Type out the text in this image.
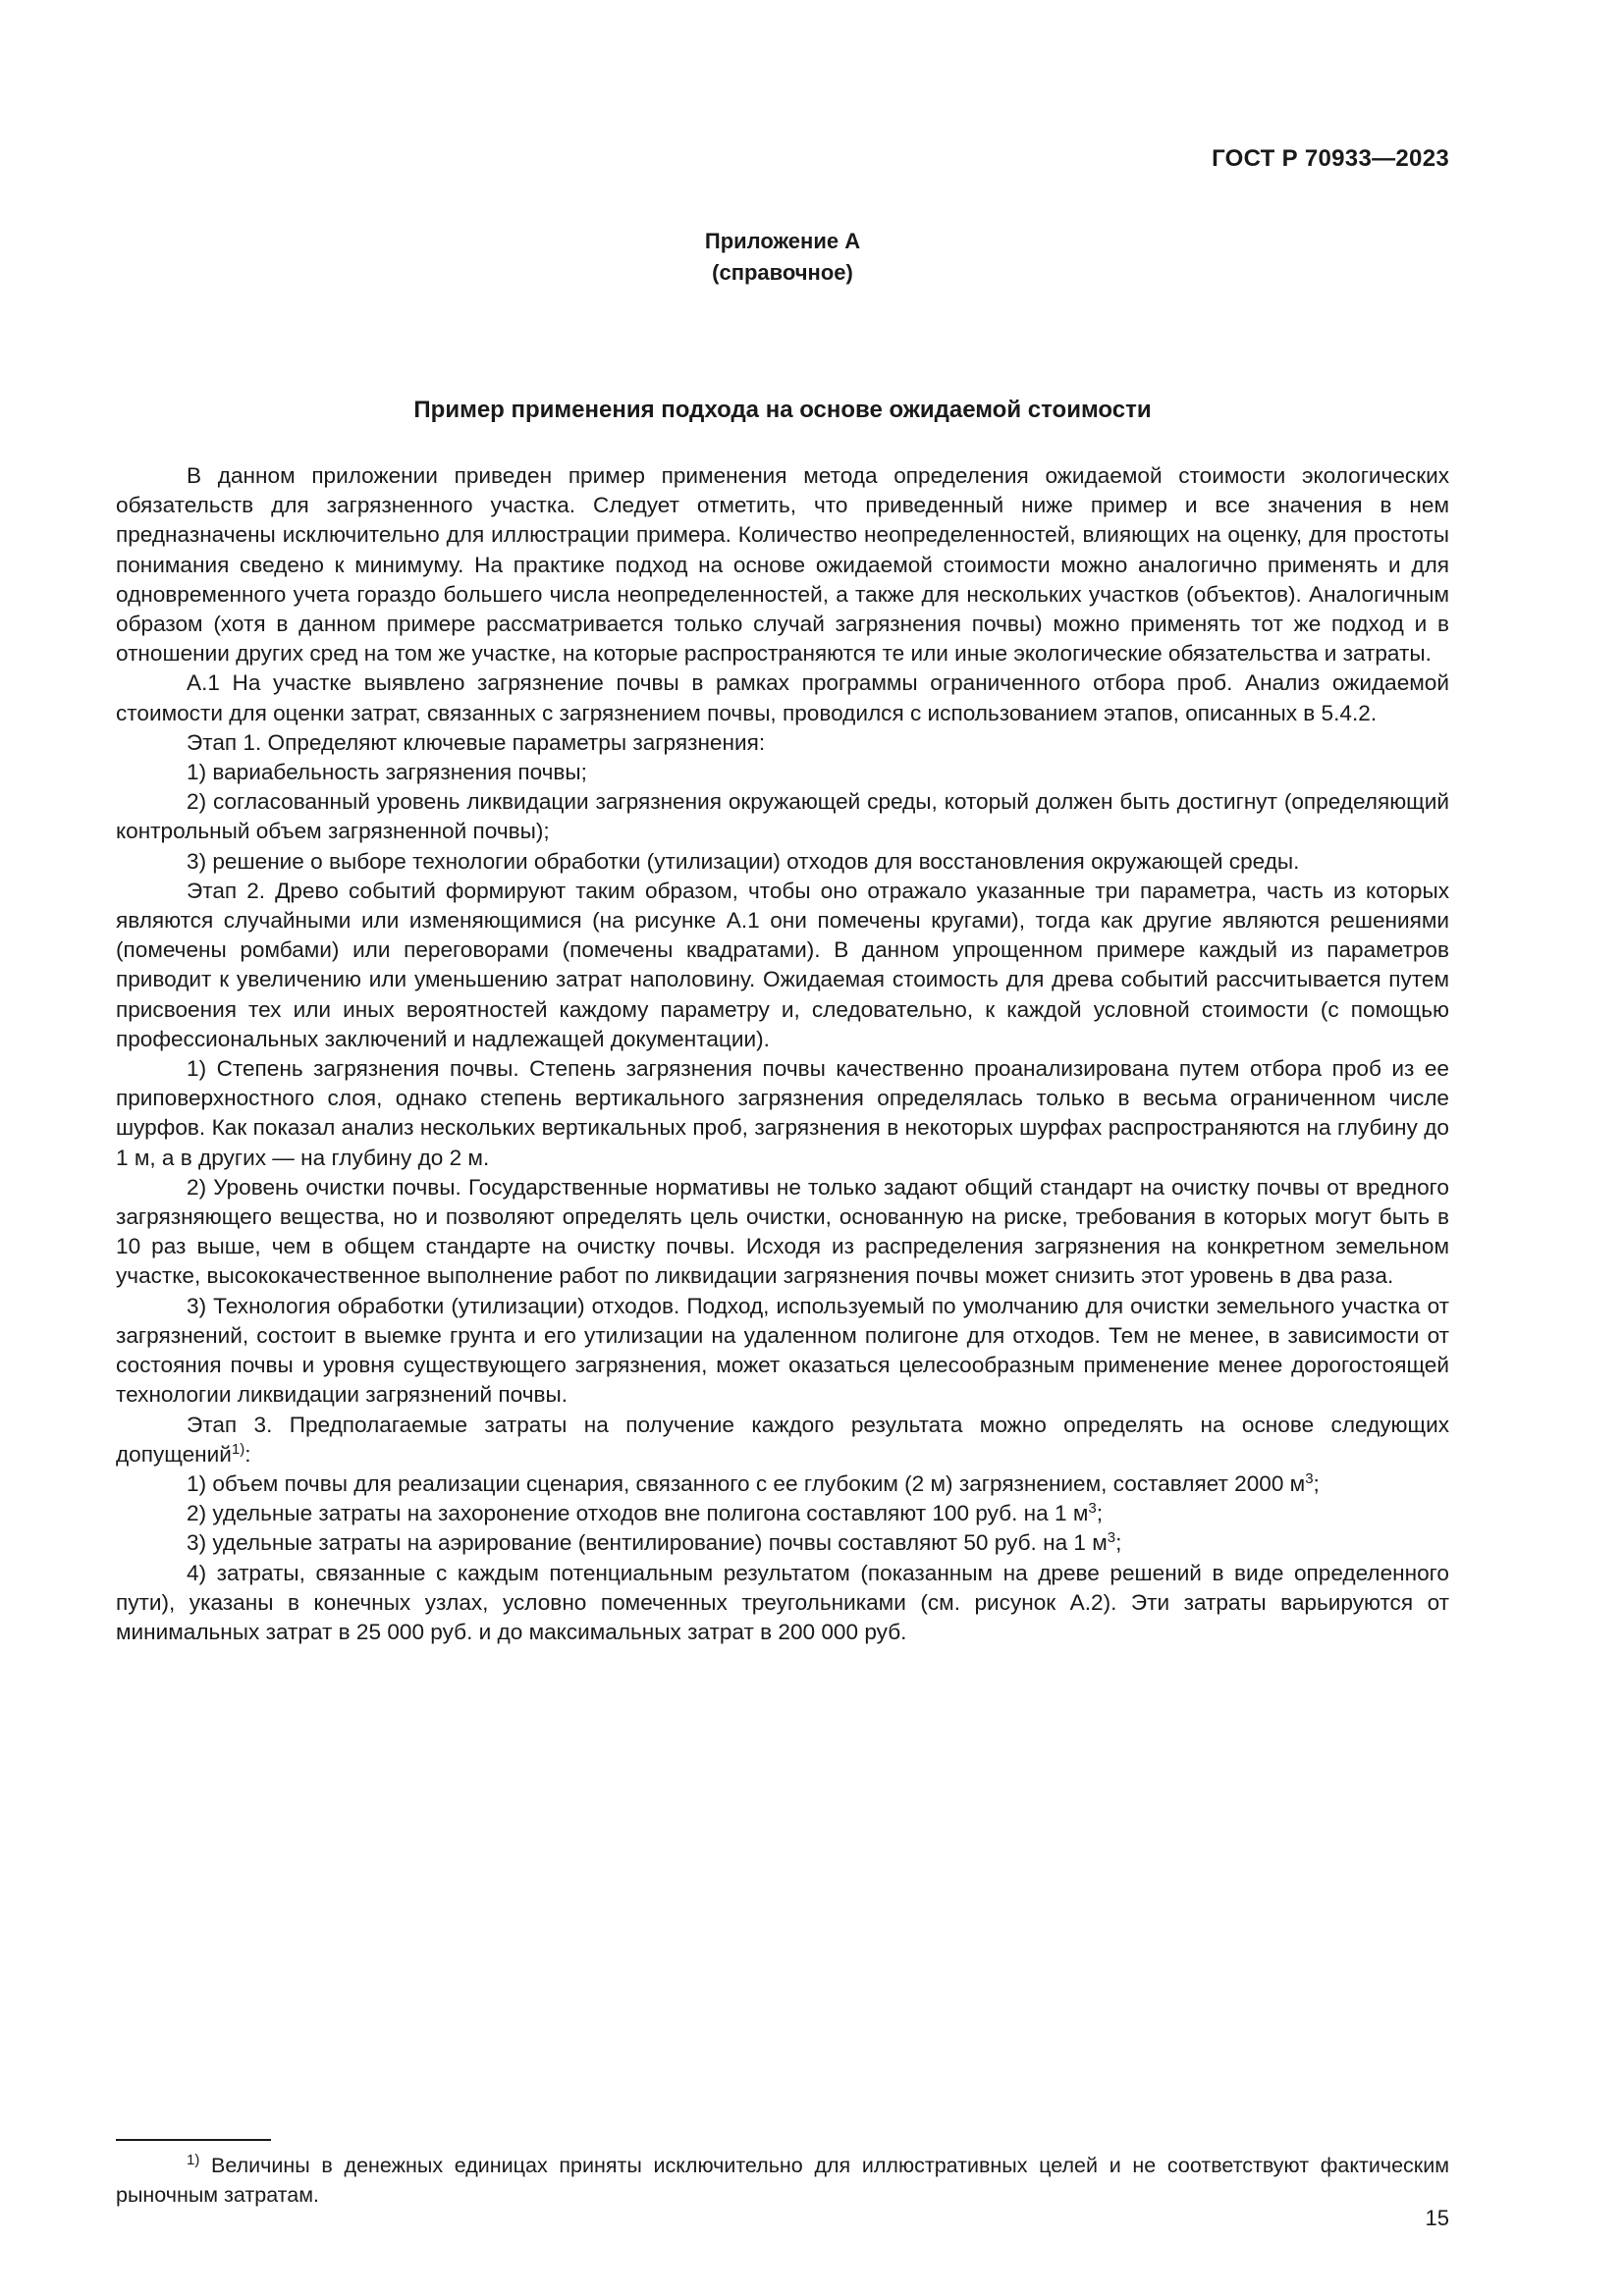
ГОСТ Р 70933—2023
Приложение А
(справочное)
Пример применения подхода на основе ожидаемой стоимости

В данном приложении приведен пример применения метода определения ожидаемой стоимости экологических обязательств для загрязненного участка. Следует отметить, что приведенный ниже пример и все значения в нем предназначены исключительно для иллюстрации примера. Количество неопределенностей, влияющих на оценку, для простоты понимания сведено к минимуму. На практике подход на основе ожидаемой стоимости можно аналогично применять и для одновременного учета гораздо большего числа неопределенностей, а также для нескольких участков (объектов). Аналогичным образом (хотя в данном примере рассматривается только случай загрязнения почвы) можно применять тот же подход и в отношении других сред на том же участке, на которые распространяются те или иные экологические обязательства и затраты.

А.1 На участке выявлено загрязнение почвы в рамках программы ограниченного отбора проб. Анализ ожидаемой стоимости для оценки затрат, связанных с загрязнением почвы, проводился с использованием этапов, описанных в 5.4.2.

Этап 1. Определяют ключевые параметры загрязнения:

1) вариабельность загрязнения почвы;

2) согласованный уровень ликвидации загрязнения окружающей среды, который должен быть достигнут (определяющий контрольный объем загрязненной почвы);

3) решение о выборе технологии обработки (утилизации) отходов для восстановления окружающей среды.

Этап 2. Древо событий формируют таким образом, чтобы оно отражало указанные три параметра, часть из которых являются случайными или изменяющимися (на рисунке А.1 они помечены кругами), тогда как другие являются решениями (помечены ромбами) или переговорами (помечены квадратами). В данном упрощенном примере каждый из параметров приводит к увеличению или уменьшению затрат наполовину. Ожидаемая стоимость для древа событий рассчитывается путем присвоения тех или иных вероятностей каждому параметру и, следовательно, к каждой условной стоимости (с помощью профессиональных заключений и надлежащей документации).

1) Степень загрязнения почвы. Степень загрязнения почвы качественно проанализирована путем отбора проб из ее приповерхностного слоя, однако степень вертикального загрязнения определялась только в весьма ограниченном числе шурфов. Как показал анализ нескольких вертикальных проб, загрязнения в некоторых шурфах распространяются на глубину до 1 м, а в других — на глубину до 2 м.

2) Уровень очистки почвы. Государственные нормативы не только задают общий стандарт на очистку почвы от вредного загрязняющего вещества, но и позволяют определять цель очистки, основанную на риске, требования в которых могут быть в 10 раз выше, чем в общем стандарте на очистку почвы. Исходя из распределения загрязнения на конкретном земельном участке, высококачественное выполнение работ по ликвидации загрязнения почвы может снизить этот уровень в два раза.

3) Технология обработки (утилизации) отходов. Подход, используемый по умолчанию для очистки земельного участка от загрязнений, состоит в выемке грунта и его утилизации на удаленном полигоне для отходов. Тем не менее, в зависимости от состояния почвы и уровня существующего загрязнения, может оказаться целесообразным применение менее дорогостоящей технологии ликвидации загрязнений почвы.

Этап 3. Предполагаемые затраты на получение каждого результата можно определять на основе следующих допущений$^{1)}$:

1) объем почвы для реализации сценария, связанного с ее глубоким (2 м) загрязнением, составляет 2000 $м^3$;

2) удельные затраты на захоронение отходов вне полигона составляют 100 руб. на 1 $м^3$;

3) удельные затраты на аэрирование (вентилирование) почвы составляют 50 руб. на 1 $м^3$;

4) затраты, связанные с каждым потенциальным результатом (показанным на древе решений в виде определенного пути), указаны в конечных узлах, условно помеченных треугольниками (см. рисунок А.2). Эти затраты варьируются от минимальных затрат в 25 000 руб. и до максимальных затрат в 200 000 руб.

$^{1)}$ Величины в денежных единицах приняты исключительно для иллюстративных целей и не соответствуют фактическим рыночным затратам.

15
